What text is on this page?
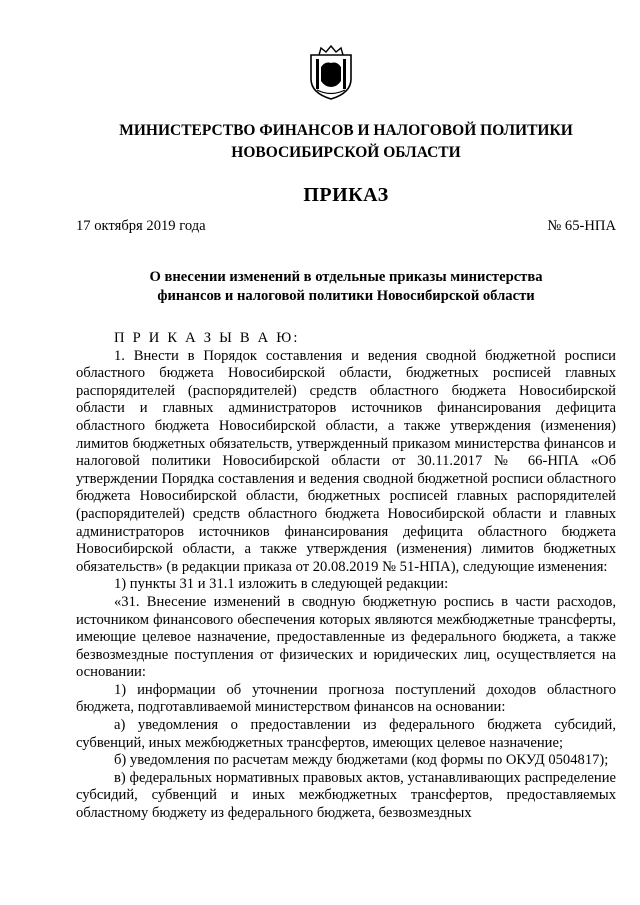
МИНИСТЕРСТВО ФИНАНСОВ И НАЛОГОВОЙ ПОЛИТИКИ
НОВОСИБИРСКОЙ ОБЛАСТИ
ПРИКАЗ
17 октября 2019 года	№ 65-НПА
О внесении изменений в отдельные приказы министерства
финансов и налоговой политики Новосибирской области

П Р И К А З Ы В А Ю:

1. Внести в Порядок составления и ведения сводной бюджетной росписи областного бюджета Новосибирской области, бюджетных росписей главных распорядителей (распорядителей) средств областного бюджета Новосибирской области и главных администраторов источников финансирования дефицита областного бюджета Новосибирской области, а также утверждения (изменения) лимитов бюджетных обязательств, утвержденный приказом министерства финансов и налоговой политики Новосибирской области от 30.11.2017 № 66-НПА «Об утверждении Порядка составления и ведения сводной бюджетной росписи областного бюджета Новосибирской области, бюджетных росписей главных распорядителей (распорядителей) средств областного бюджета Новосибирской области и главных администраторов источников финансирования дефицита областного бюджета Новосибирской области, а также утверждения (изменения) лимитов бюджетных обязательств» (в редакции приказа от 20.08.2019 № 51-НПА), следующие изменения:

1) пункты 31 и 31.1 изложить в следующей редакции:

«31. Внесение изменений в сводную бюджетную роспись в части расходов, источником финансового обеспечения которых являются межбюджетные трансферты, имеющие целевое назначение, предоставленные из федерального бюджета, а также безвозмездные поступления от физических и юридических лиц, осуществляется на основании:

1) информации об уточнении прогноза поступлений доходов областного бюджета, подготавливаемой министерством финансов на основании:

а) уведомления о предоставлении из федерального бюджета субсидий, субвенций, иных межбюджетных трансфертов, имеющих целевое назначение;

б) уведомления по расчетам между бюджетами (код формы по ОКУД 0504817);

в) федеральных нормативных правовых актов, устанавливающих распределение субсидий, субвенций и иных межбюджетных трансфертов, предоставляемых областному бюджету из федерального бюджета, безвозмездных
